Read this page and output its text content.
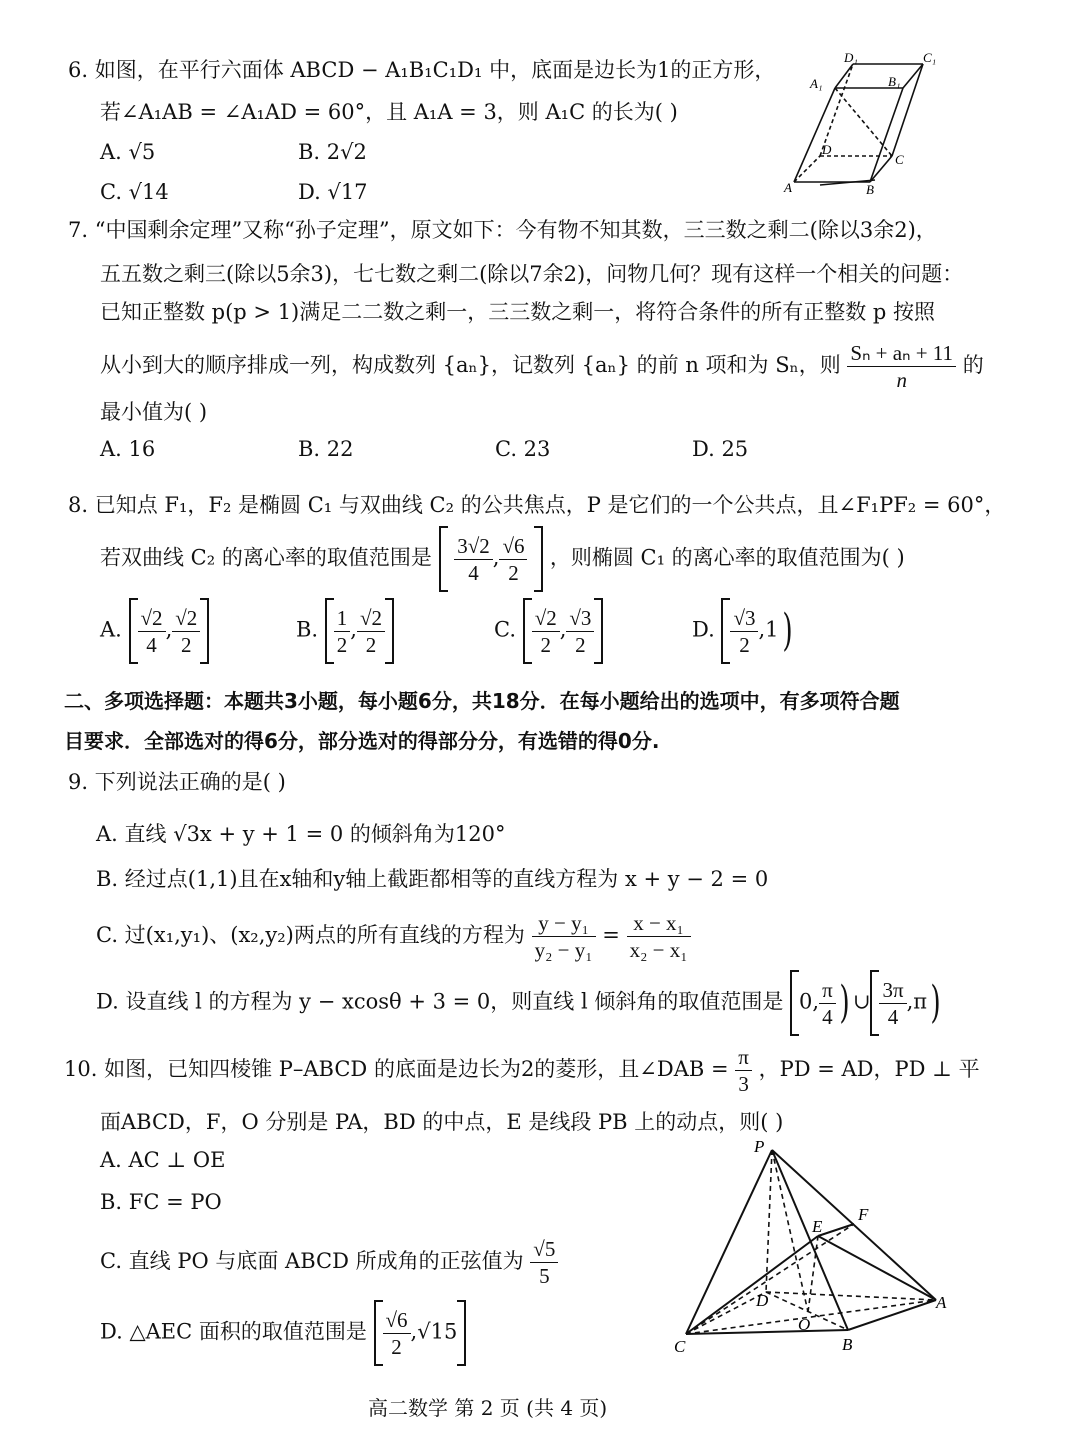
6. 如图，在平行六面体 ABCD − A₁B₁C₁D₁ 中，底面是边长为1的正方形，
若∠A₁AB = ∠A₁AD = 60°，且 A₁A = 3，则 A₁C 的长为( )
A. √5	B. 2√2
C. √14	D. √17
D₁	C₁
A₁	B₁
D
C
A	B
7. “中国剩余定理”又称“孙子定理”，原文如下：今有物不知其数，三三数之剩二(除以3余2)，
五五数之剩三(除以5余3)，七七数之剩二(除以7余2)，问物几何？现有这样一个相关的问题：
已知正整数 p(p > 1)满足二二数之剩一，三三数之剩一，将符合条件的所有正整数 p 按照
从小到大的顺序排成一列，构成数列 {aₙ}，记数列 {aₙ} 的前 n 项和为 Sₙ，则 $\frac{\text{Sₙ + aₙ + 11}}{n}$ 的
最小值为( )
A. 16	B. 22	C. 23	D. 25
8. 已知点 F₁，F₂ 是椭圆 C₁ 与双曲线 C₂ 的公共焦点，P 是它们的一个公共点，且∠F₁PF₂ = 60°，
若双曲线 C₂ 的离心率的取值范围是 $\frac{3√2}{4}$ , $\frac{√6}{2}$ ，则椭圆 C₁ 的离心率的取值范围为( )
A. $\frac{√2}{4}$ , $\frac{√2}{2}$	B. $\frac{1}{2}$ , $\frac{√2}{2}$	C. $\frac{√2}{2}$ , $\frac{√3}{2}$	D. $\frac{√3}{2} ,1$)
二、多项选择题：本题共3小题，每小题6分，共18分．在每小题给出的选项中，有多项符合题
目要求．全部选对的得6分，部分选对的得部分分，有选错的得0分.
9. 下列说法正确的是( )
A. 直线 √3x + y + 1 = 0 的倾斜角为120°
B. 经过点(1,1)且在x轴和y轴上截距都相等的直线方程为 x + y − 2 = 0
C. 过(x₁,y₁)、(x₂,y₂)两点的所有直线的方程为 $\frac{\text{y − y₁}}{\text{y₂ − y₁}} = \frac{\text{x − x₁}}{\text{x₂ − x₁}}$
D. 设直线 l 的方程为 y − xcosθ + 3 = 0，则直线 l 倾斜角的取值范围是 0, $\frac{\pi}{4}$ ) ∪ $\frac{3\pi}{4} ,\pi$)
10. 如图，已知四棱锥 P–ABCD 的底面是边长为2的菱形，且∠DAB = $\frac{\pi}{3}$ ，PD = AD，PD ⊥ 平
面ABCD，F，O 分别是 PA，BD 的中点，E 是线段 PB 上的动点，则( )
A. AC ⊥ OE
B. FC = PO
C. 直线 PO 与底面 ABCD 所成角的正弦值为 $\frac{√5}{5}$
D. △AEC 面积的取值范围是 $\frac{√6}{2} ,√15$
P
F
E
D
O
A
C	B
高二数学 第 2 页 (共 4 页)
